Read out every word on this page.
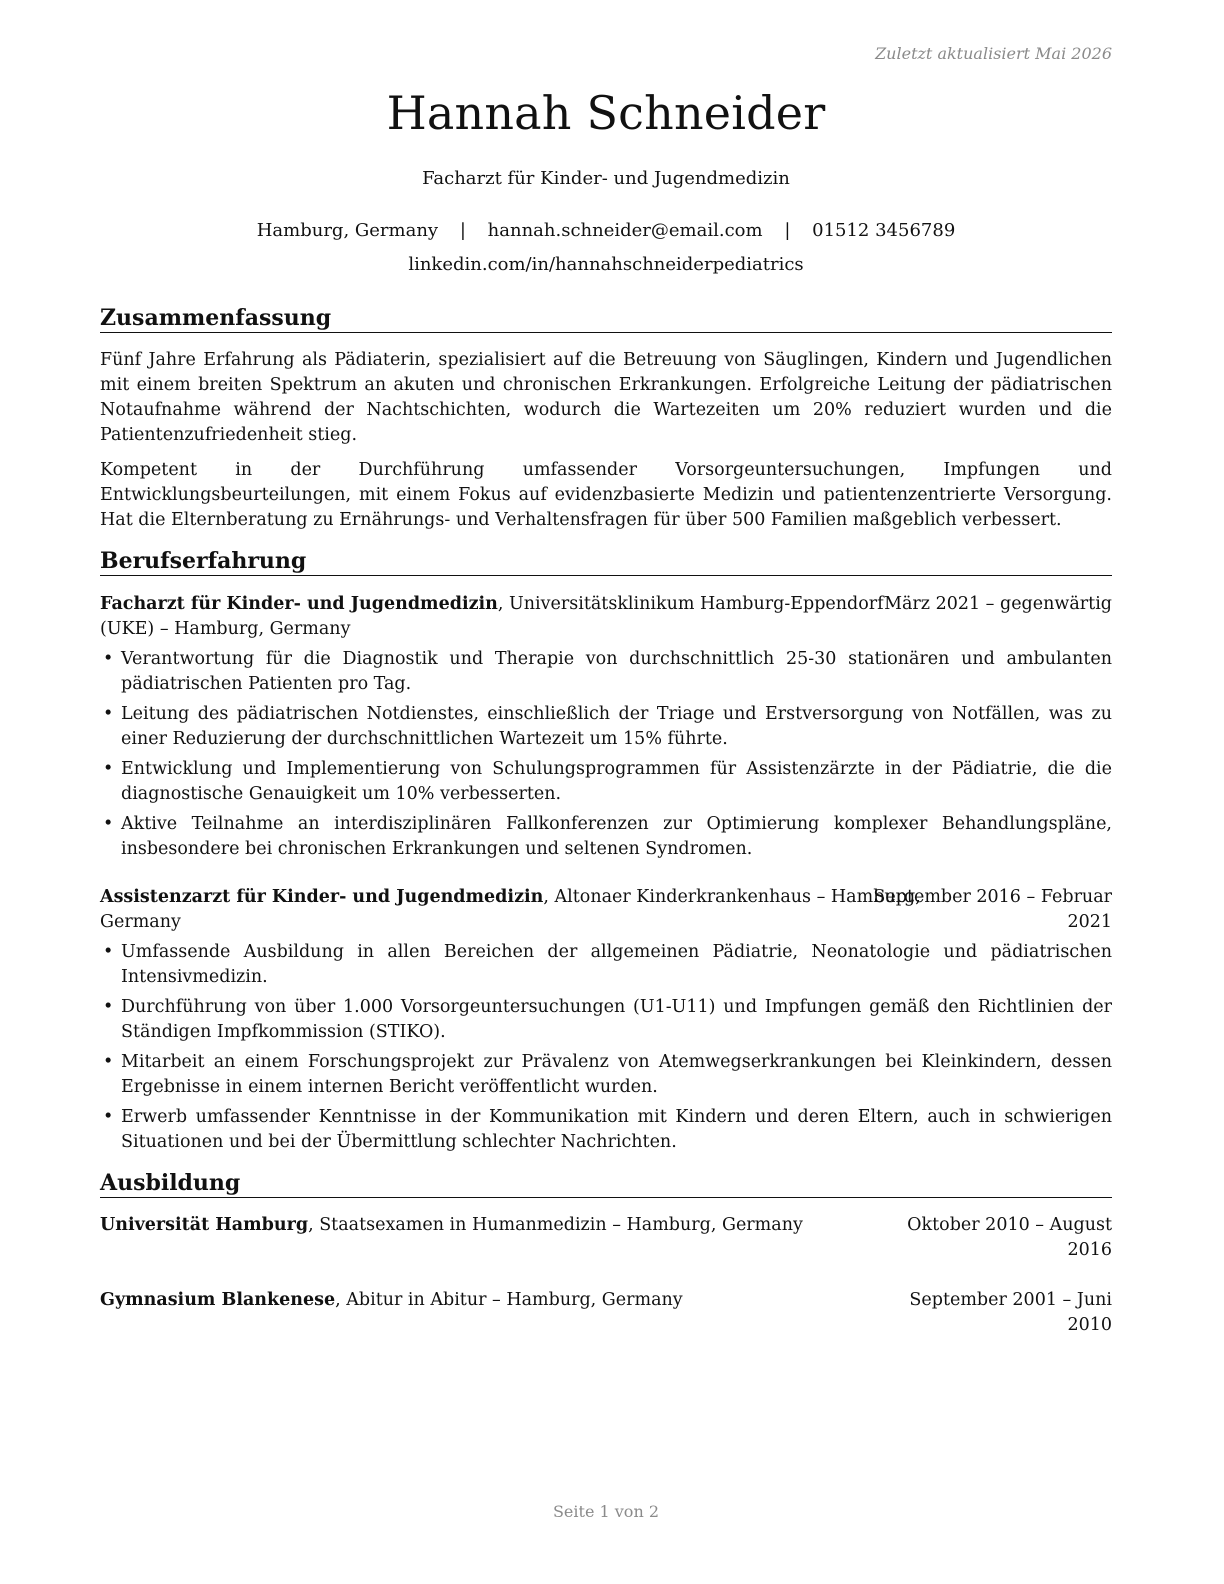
Zuletzt aktualisiert Mai 2026
Hannah Schneider
Facharzt für Kinder- und Jugendmedizin
Hamburg, Germany | hannah.schneider@email.com | 01512 3456789
linkedin.com/in/hannahschneiderpediatrics
Zusammenfassung
Fünf Jahre Erfahrung als Pädiaterin, spezialisiert auf die Betreuung von Säuglingen, Kindern und Jugendlichen mit einem breiten Spektrum an akuten und chronischen Erkrankungen. Erfolgreiche Leitung der pädiatrischen Notaufnahme während der Nachtschichten, wodurch die Wartezeiten um 20% reduziert wurden und die Patientenzufriedenheit stieg.
Kompetent in der Durchführung umfassender Vorsorgeuntersuchungen, Impfungen und Entwicklungsbeurteilungen, mit einem Fokus auf evidenzbasierte Medizin und patientenzentrierte Versorgung. Hat die Elternberatung zu Ernährungs- und Verhaltensfragen für über 500 Familien maßgeblich verbessert.
Berufserfahrung
Facharzt für Kinder- und Jugendmedizin, Universitätsklinikum Hamburg-Eppendorf
(UKE) – Hamburg, Germany
März 2021 – gegenwärtig
• Verantwortung für die Diagnostik und Therapie von durchschnittlich 25-30 stationären und ambulanten pädiatrischen Patienten pro Tag.
• Leitung des pädiatrischen Notdienstes, einschließlich der Triage und Erstversorgung von Notfällen, was zu einer Reduzierung der durchschnittlichen Wartezeit um 15% führte.
• Entwicklung und Implementierung von Schulungsprogrammen für Assistenzärzte in der Pädiatrie, die die diagnostische Genauigkeit um 10% verbesserten.
• Aktive Teilnahme an interdisziplinären Fallkonferenzen zur Optimierung komplexer Behandlungspläne, insbesondere bei chronischen Erkrankungen und seltenen Syndromen.
Assistenzarzt für Kinder- und Jugendmedizin, Altonaer Kinderkrankenhaus – Hamburg,
Germany
September 2016 – Februar
2021
• Umfassende Ausbildung in allen Bereichen der allgemeinen Pädiatrie, Neonatologie und pädiatrischen Intensivmedizin.
• Durchführung von über 1.000 Vorsorgeuntersuchungen (U1-U11) und Impfungen gemäß den Richtlinien der Ständigen Impfkommission (STIKO).
• Mitarbeit an einem Forschungsprojekt zur Prävalenz von Atemwegserkrankungen bei Kleinkindern, dessen Ergebnisse in einem internen Bericht veröffentlicht wurden.
• Erwerb umfassender Kenntnisse in der Kommunikation mit Kindern und deren Eltern, auch in schwierigen Situationen und bei der Übermittlung schlechter Nachrichten.
Ausbildung
Universität Hamburg, Staatsexamen in Humanmedizin – Hamburg, Germany	Oktober 2010 – August
2016
Gymnasium Blankenese, Abitur in Abitur – Hamburg, Germany	September 2001 – Juni
2010
Seite 1 von 2
